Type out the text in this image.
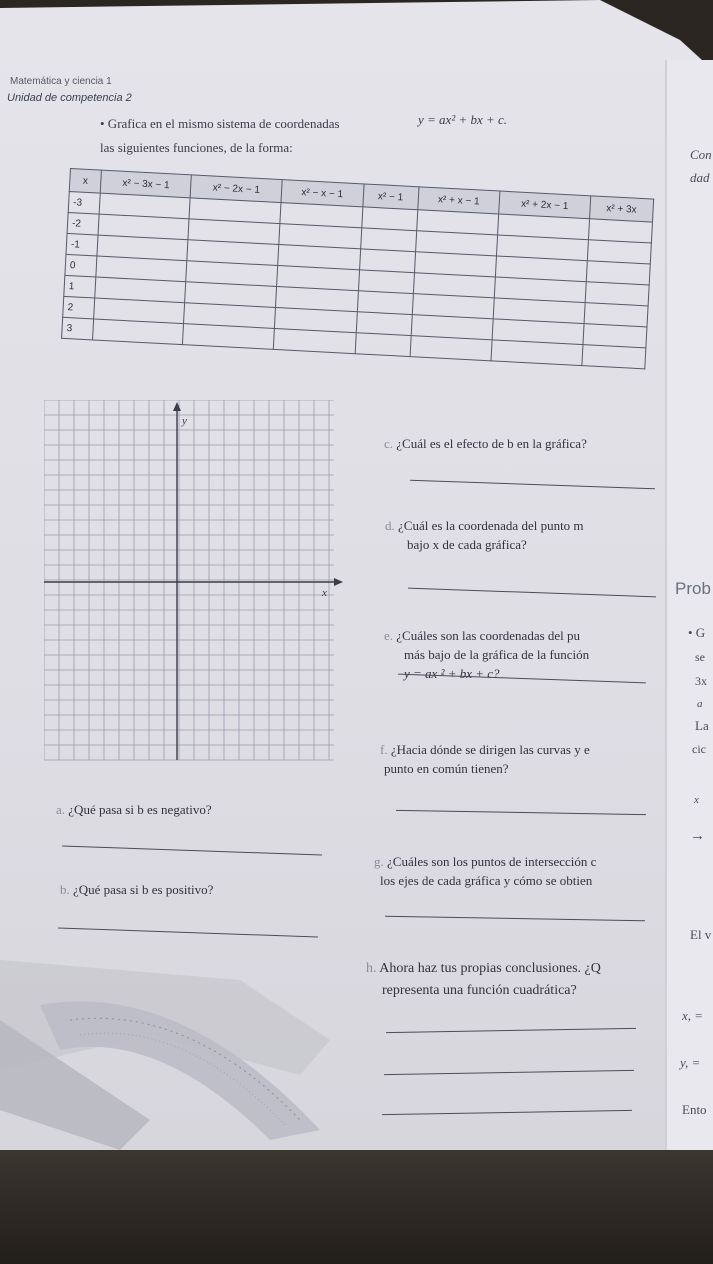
Matemática y ciencia 1
Unidad de competencia 2
• Grafica en el mismo sistema de coordenadas	y = ax² + bx + c.
las siguientes funciones, de la forma:
x	x² − 3x − 1	x² − 2x − 1	x² − x − 1	x² − 1	x² + x − 1	x² + 2x − 1	x² + 3x
-3							
-2							
-1							
0							
1							
2							
3							
y
x
c. ¿Cuál es el efecto de b en la gráfica?
d. ¿Cuál es la coordenada del punto m
bajo x de cada gráfica?
e. ¿Cuáles son las coordenadas del pu
más bajo de la gráfica de la función
y = ax ² + bx + c?
f. ¿Hacia dónde se dirigen las curvas y e
punto en común tienen?
a. ¿Qué pasa si b es negativo?
g. ¿Cuáles son los puntos de intersección c
los ejes de cada gráfica y cómo se obtien
b. ¿Qué pasa si b es positivo?
h. Ahora haz tus propias conclusiones. ¿Q
representa una función cuadrática?
Con
dad
Prob
• G
se
3x
a
La
cic
x
→
El v
x, =
y, =
Ento
